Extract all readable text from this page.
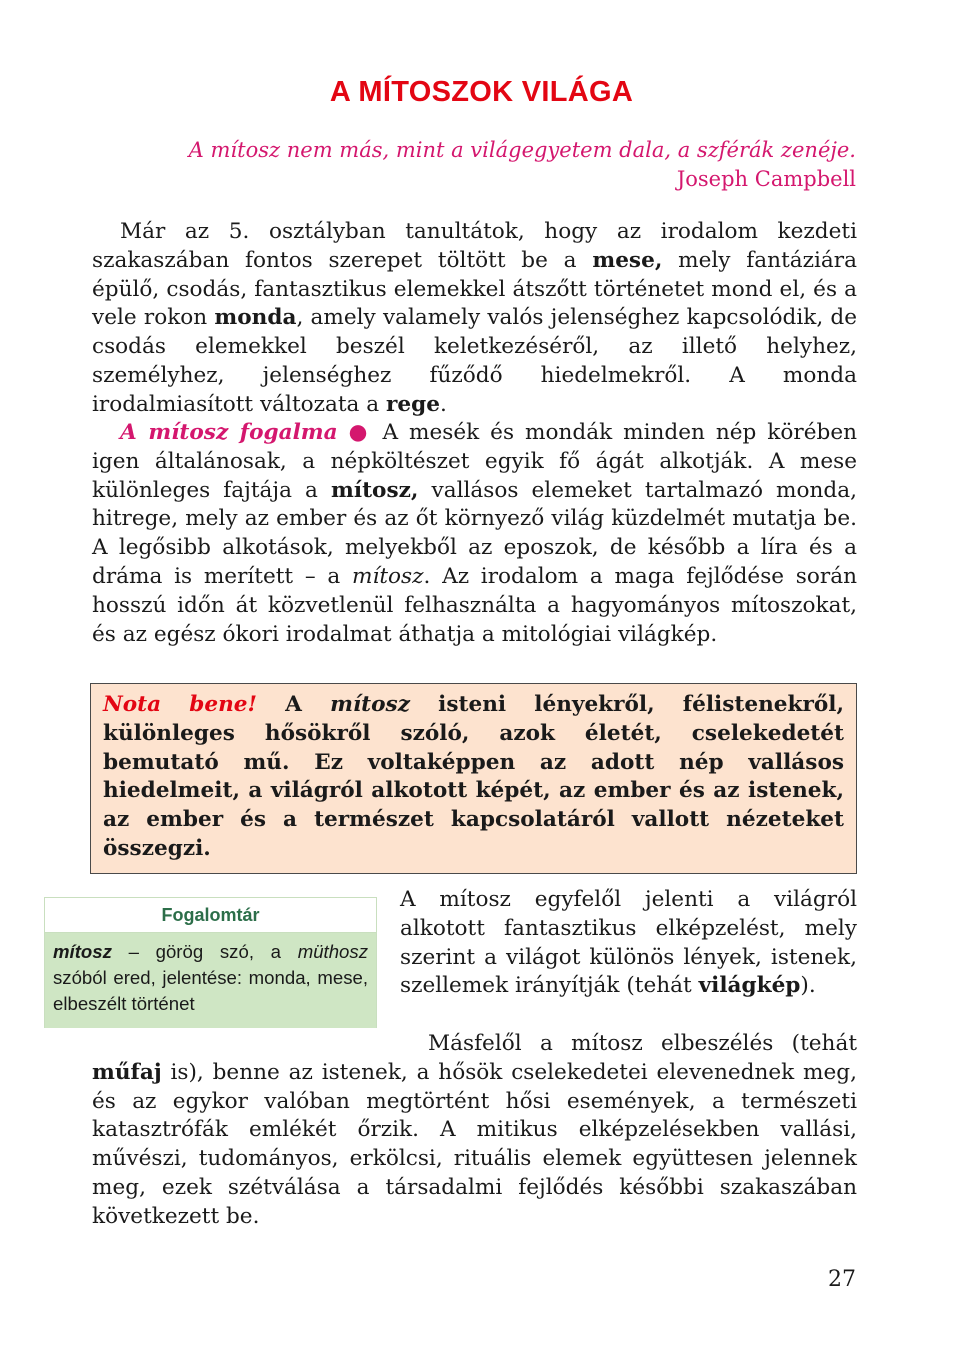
A MÍTOSZOK VILÁGA
A mítosz nem más, mint a világegyetem dala, a szférák zenéje.
Joseph Campbell

Már az 5. osztályban tanultátok, hogy az irodalom kezdeti szakaszában fontos szerepet töltött be a mese, mely fantáziára épülő, csodás, fantasztikus elemekkel átszőtt történetet mond el, és a vele rokon monda, amely valamely valós jelenséghez kapcsolódik, de csodás elemekkel beszél keletkezéséről, az illető helyhez, személyhez, jelenséghez fűződő hiedelmekről. A monda irodalmiasított változata a rege.

A mítosz fogalma ● A mesék és mondák minden nép körében igen általánosak, a népköltészet egyik fő ágát alkotják. A mese különleges fajtája a mítosz, vallásos elemeket tartalmazó monda, hitrege, mely az ember és az őt környező világ küzdelmét mutatja be. A legősibb alkotások, melyekből az eposzok, de később a líra és a dráma is merített – a mítosz. Az irodalom a maga fejlődése során hosszú időn át közvetlenül felhasználta a hagyományos mítoszokat, és az egész ókori irodalmat áthatja a mitológiai világkép.

Nota bene! A mítosz isteni lényekről, félistenekről, különleges hősökről szóló, azok életét, cselekedetét bemutató mű. Ez voltaképpen az adott nép vallásos hiedelmeit, a világról alkotott képét, az ember és az istenek, az ember és a természet kapcsolatáról vallott nézeteket összegzi.
Fogalomtár
mítosz – görög szó, a müthosz szóból ered, jelentése: monda, mese, elbeszélt történet

A mítosz egyfelől jelenti a világról alkotott fantasztikus elképzelést, mely szerint a világot különös lények, istenek, szellemek irányítják (tehát világkép).

Másfelől a mítosz elbeszélés (tehát műfaj is), benne az istenek, a hősök cselekedetei elevenednek meg, és az egykor valóban megtörtént hősi események, a természeti katasztrófák emlékét őrzik. A mitikus elképzelésekben vallási, művészi, tudományos, erkölcsi, rituális elemek együttesen jelennek meg, ezek szétválása a társadalmi fejlődés későbbi szakaszában következett be.

27
